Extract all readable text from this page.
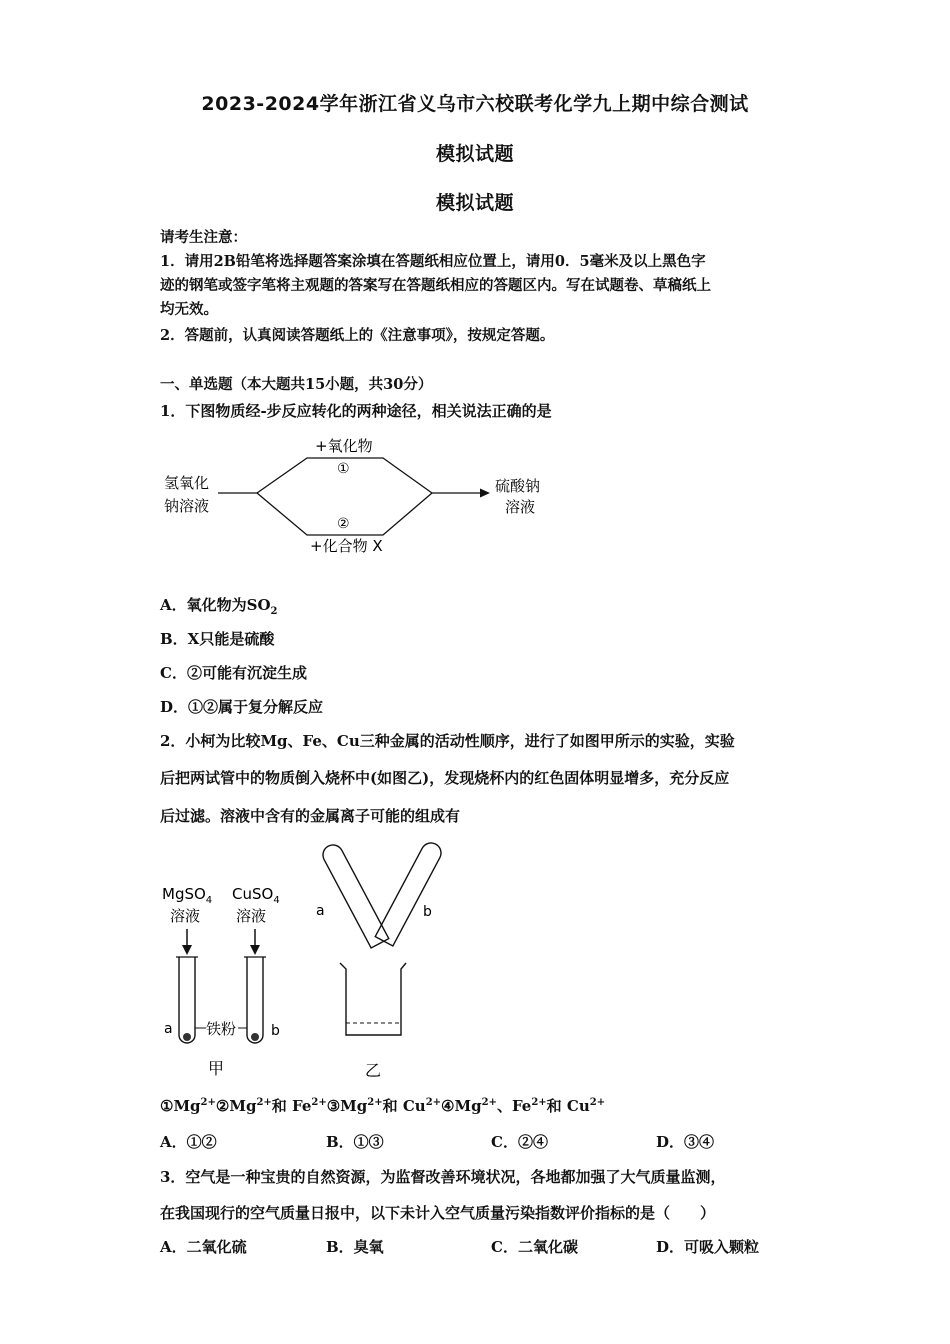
2023-2024学年浙江省义乌市六校联考化学九上期中综合测试
模拟试题
模拟试题
请考生注意：
1．请用2B铅笔将选择题答案涂填在答题纸相应位置上，请用0．5毫米及以上黑色字
迹的钢笔或签字笔将主观题的答案写在答题纸相应的答题区内。写在试题卷、草稿纸上
均无效。
2．答题前，认真阅读答题纸上的《注意事项》，按规定答题。
一、单选题（本大题共15小题，共30分）
1．下图物质经-步反应转化的两种途径，相关说法正确的是
氢氧化
钠溶液
+氧化物
①
②
+化合物 X
硫酸钠
溶液
A．氧化物为$SO_2$
B．X只能是硫酸
C．②可能有沉淀生成
D．①②属于复分解反应
2．小柯为比较Mg、Fe、Cu三种金属的活动性顺序，进行了如图甲所示的实验，实验
后把两试管中的物质倒入烧杯中(如图乙)，发现烧杯内的红色固体明显增多，充分反应
后过滤。溶液中含有的金属离子可能的组成有
MgSO$_4$
溶液
CuSO$_4$
溶液
a	b
铁粉
甲
a	b
乙
$①Mg^{2+}②Mg^{2+}$和 $Fe^{2+}③Mg^{2+}$和 $Cu^{2+}④Mg^{2+}$、$Fe^{2+}$和 $Cu^{2+}$
A．①②	B．①③	C．②④	D．③④
3．空气是一种宝贵的自然资源，为监督改善环境状况，各地都加强了大气质量监测，
在我国现行的空气质量日报中，以下未计入空气质量污染指数评价指标的是（　　）
A．二氧化硫	B．臭氧	C．二氧化碳	D．可吸入颗粒
